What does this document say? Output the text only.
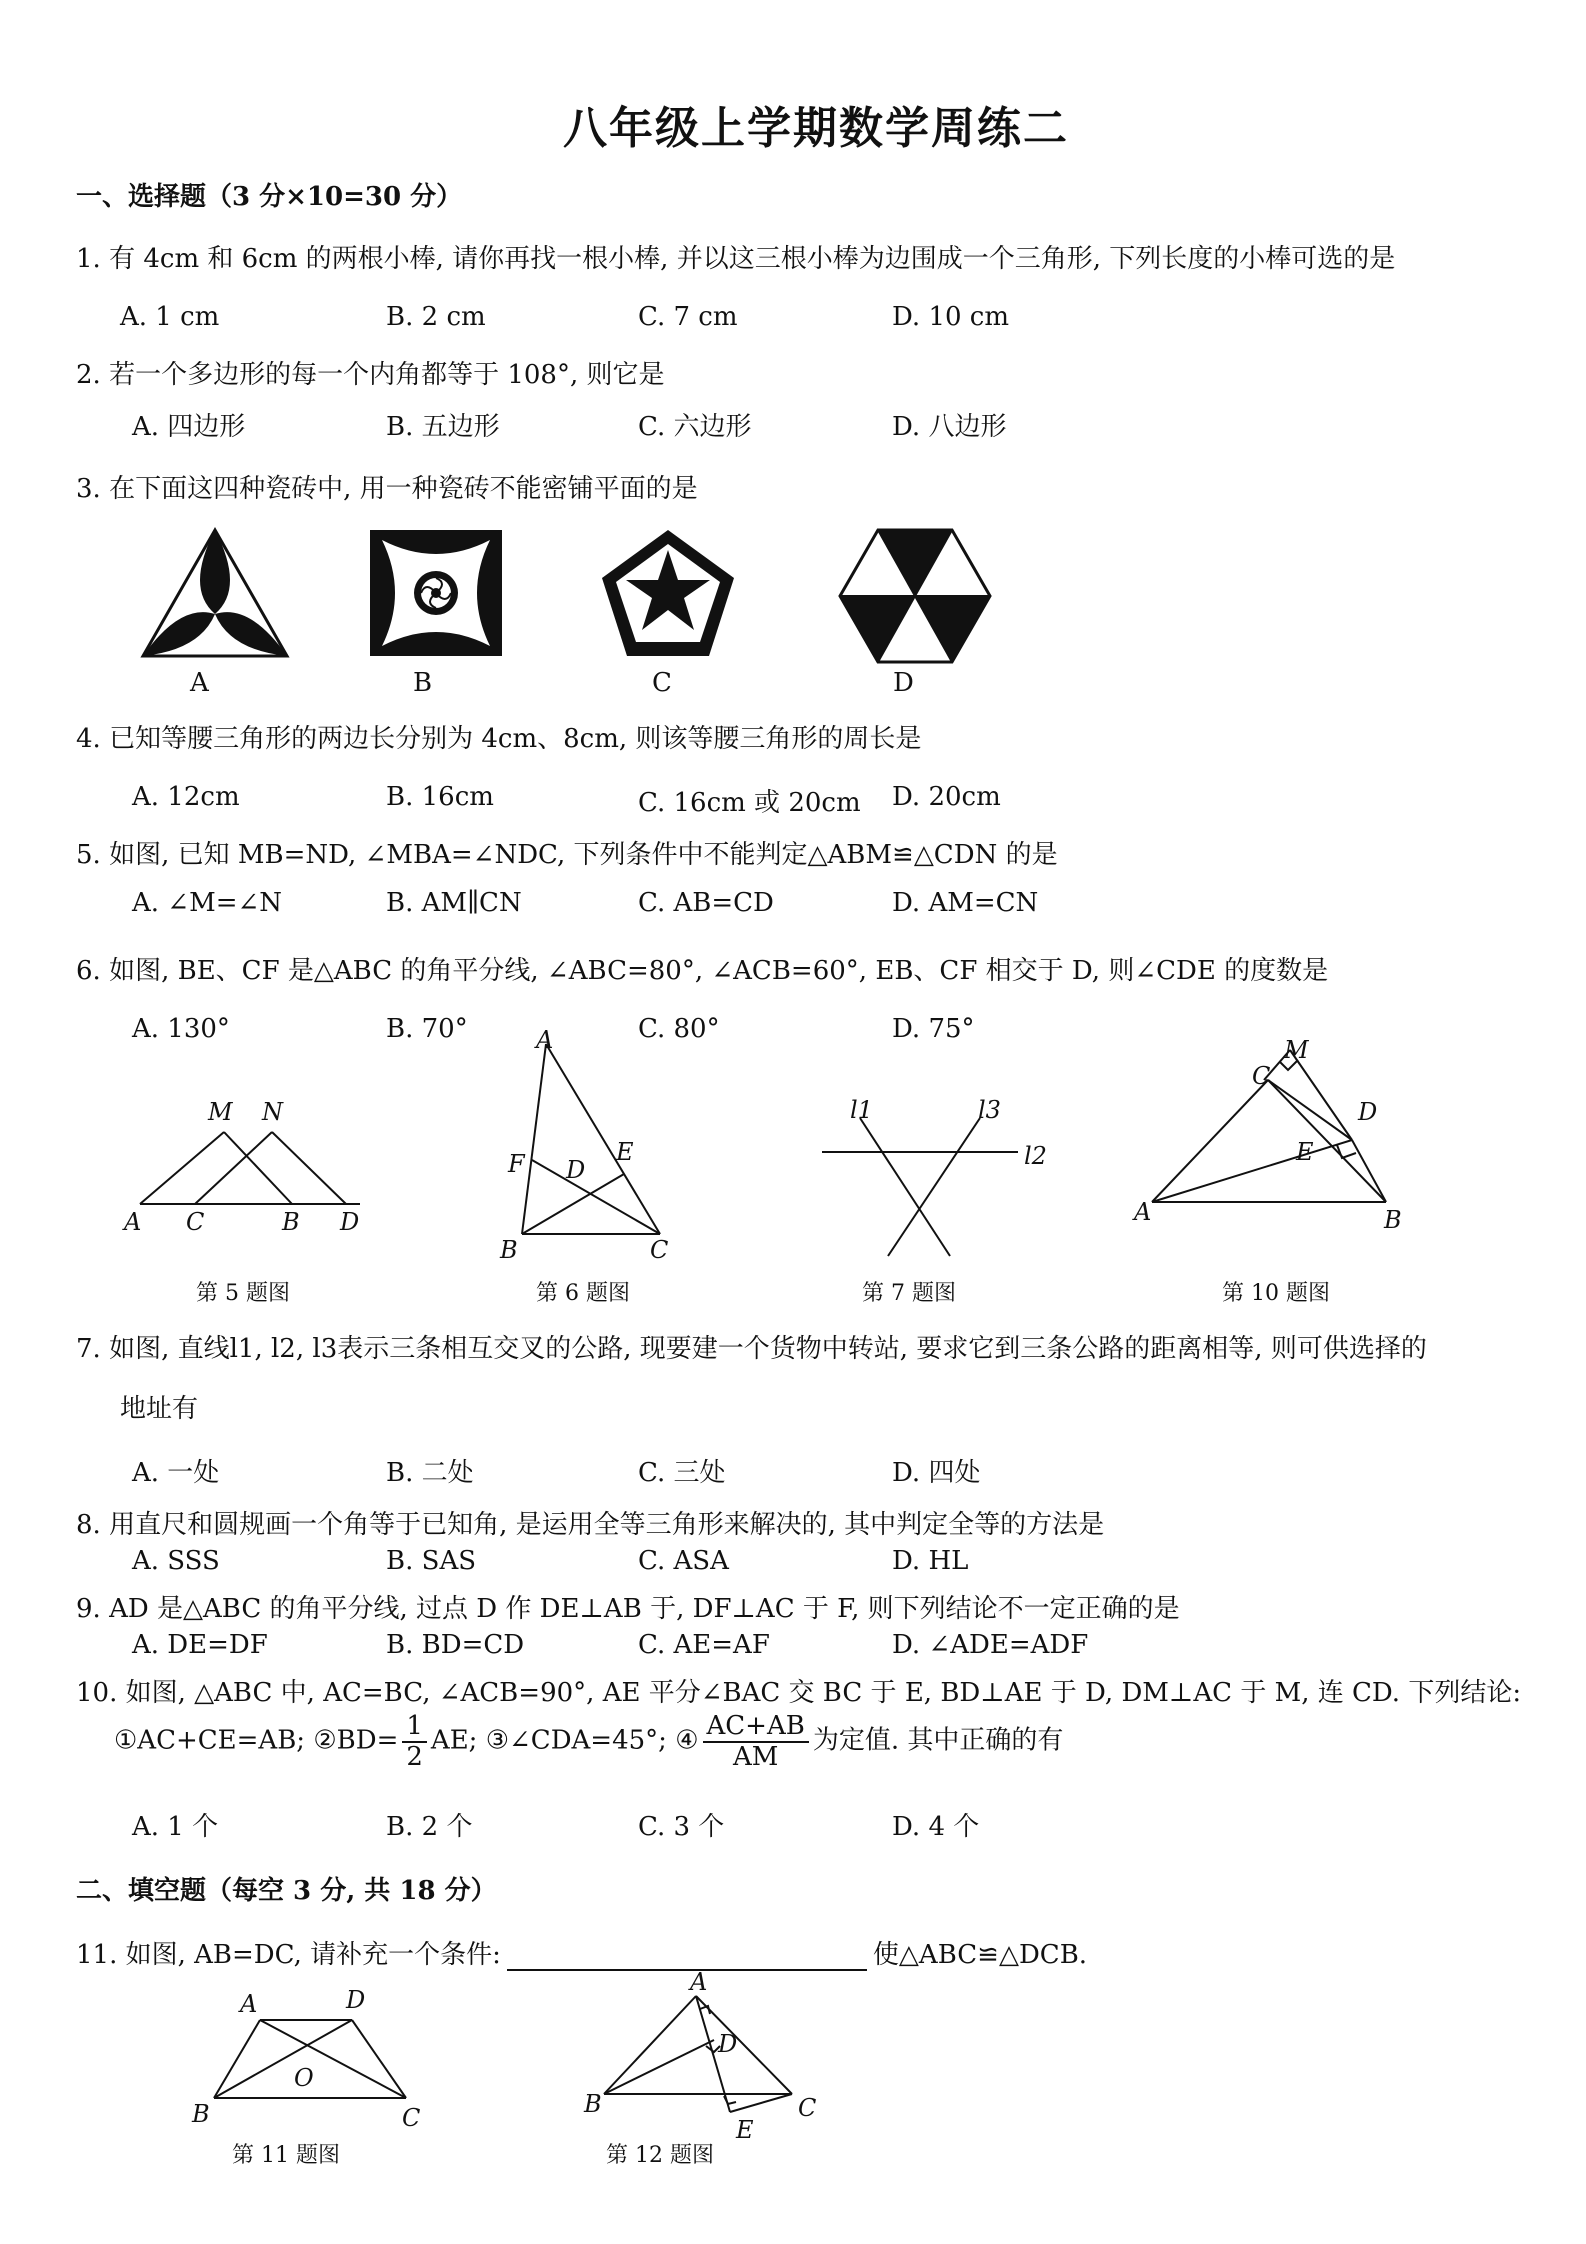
八年级上学期数学周练二
一、选择题（3 分×10=30 分）
1. 有 4cm 和 6cm 的两根小棒, 请你再找一根小棒, 并以这三根小棒为边围成一个三角形, 下列长度的小棒可选的是
A. 1 cm	B. 2 cm	C. 7 cm	D. 10 cm
2. 若一个多边形的每一个内角都等于 108°, 则它是
A. 四边形	B. 五边形	C. 六边形	D. 八边形
3. 在下面这四种瓷砖中, 用一种瓷砖不能密铺平面的是
A	B	C	D
4. 已知等腰三角形的两边长分别为 4cm、8cm, 则该等腰三角形的周长是
A. 12cm	B. 16cm	C. 16cm 或 20cm D. 20cm
5. 如图, 已知 MB=ND, ∠MBA=∠NDC, 下列条件中不能判定△ABM≌△CDN 的是
A. ∠M=∠N	B. AM∥CN	C. AB=CD	D. AM=CN
6. 如图, BE、CF 是△ABC 的角平分线, ∠ABC=80°, ∠ACB=60°, EB、CF 相交于 D, 则∠CDE 的度数是
A. 130°	B. 70°	C. 80°	D. 75°
M N
A C	B D
第 5 题图
A
F D
E
B	C
第 6 题图
l1	l3
l2
第 7 题图
M
C
D
E
A	B
第 10 题图
7. 如图, 直线l1, l2, l3表示三条相互交叉的公路, 现要建一个货物中转站, 要求它到三条公路的距离相等, 则可供选择的
地址有
A. 一处	B. 二处	C. 三处	D. 四处
8. 用直尺和圆规画一个角等于已知角, 是运用全等三角形来解决的, 其中判定全等的方法是
A. SSS	B. SAS	C. ASA	D. HL
9. AD 是△ABC 的角平分线, 过点 D 作 DE⊥AB 于, DF⊥AC 于 F, 则下列结论不一定正确的是
A. DE=DF	B. BD=CD	C. AE=AF	D. ∠ADE=ADF
10. 如图, △ABC 中, AC=BC, ∠ACB=90°, AE 平分∠BAC 交 BC 于 E, BD⊥AE 于 D, DM⊥AC 于 M, 连 CD. 下列结论:
①AC+CE=AB; ②BD= $\frac{1}{2}$ AE; ③∠CDA=45°; ④ $\frac{AC+AB}{AM}$ 为定值. 其中正确的有
A. 1 个	B. 2 个	C. 3 个	D. 4 个
二、填空题（每空 3 分, 共 18 分）
11. 如图, AB=DC, 请补充一个条件:	使△ABC≌△DCB.
A	D
O
B	C
第 11 题图
A
D
B	C
E
第 12 题图
